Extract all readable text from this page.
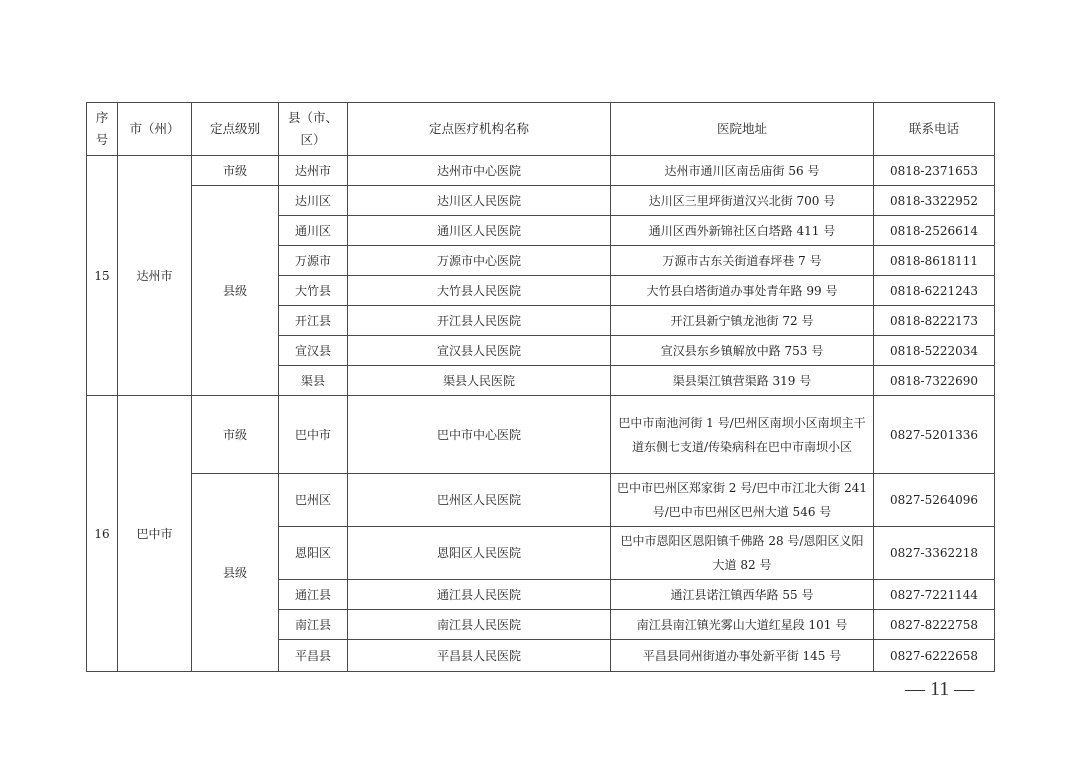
序号	市（州）	定点级别	县（市、区）	定点医疗机构名称	医院地址	联系电话
15	达州市	市级	达州市	达州市中心医院	达州市通川区南岳庙街 56 号	0818-2371653
		县级	达川区	达川区人民医院	达川区三里坪街道汉兴北街 700 号	0818-3322952
			通川区	通川区人民医院	通川区西外新锦社区白塔路 411 号	0818-2526614
			万源市	万源市中心医院	万源市古东关街道春坪巷 7 号	0818-8618111
			大竹县	大竹县人民医院	大竹县白塔街道办事处青年路 99 号	0818-6221243
			开江县	开江县人民医院	开江县新宁镇龙池街 72 号	0818-8222173
			宣汉县	宣汉县人民医院	宣汉县东乡镇解放中路 753 号	0818-5222034
			渠县	渠县人民医院	渠县渠江镇营渠路 319 号	0818-7322690
16	巴中市	市级	巴中市	巴中市中心医院	巴中市南池河街 1 号/巴州区南坝小区南坝主干道东侧七支道/传染病科在巴中市南坝小区	0827-5201336
		县级	巴州区	巴州区人民医院	巴中市巴州区郑家街 2 号/巴中市江北大街 241 号/巴中市巴州区巴州大道 546 号	0827-5264096
			恩阳区	恩阳区人民医院	巴中市恩阳区恩阳镇千佛路 28 号/恩阳区义阳大道 82 号	0827-3362218
			通江县	通江县人民医院	通江县诺江镇西华路 55 号	0827-7221144
			南江县	南江县人民医院	南江县南江镇光雾山大道红星段 101 号	0827-8222758
			平昌县	平昌县人民医院	平昌县同州街道办事处新平街 145 号	0827-6222658
— 11 —
